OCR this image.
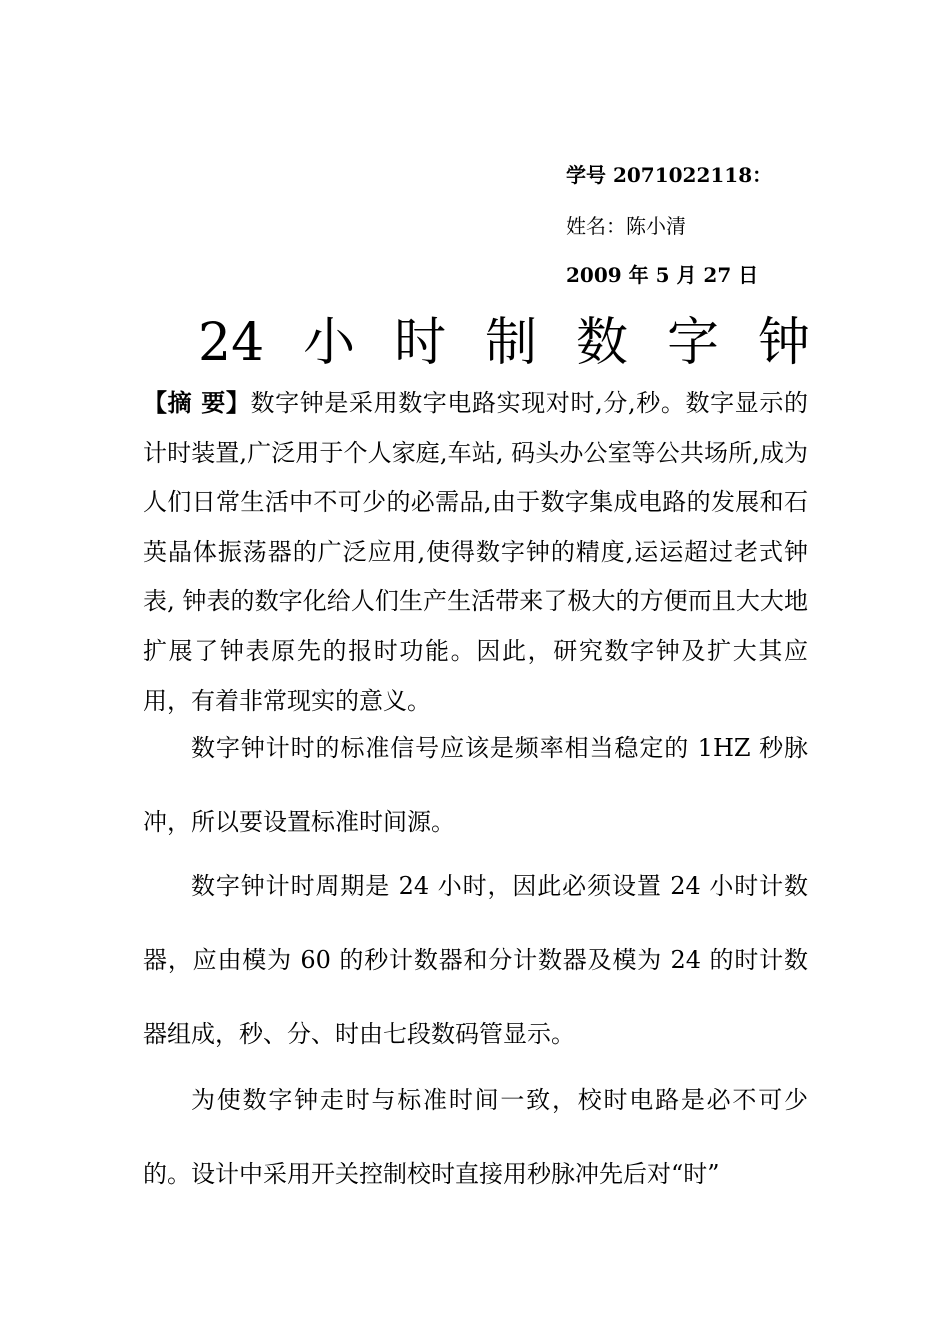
学号 2071022118：
姓名：陈小清
2009 年 5 月 27 日
24 小 时 制 数 字 钟
【摘 要】数字钟是采用数字电路实现对时,分,秒。数字显示的计时装置,广泛用于个人家庭,车站, 码头办公室等公共场所,成为人们日常生活中不可少的必需品,由于数字集成电路的发展和石英晶体振荡器的广泛应用,使得数字钟的精度,运运超过老式钟表, 钟表的数字化给人们生产生活带来了极大的方便而且大大地扩展了钟表原先的报时功能。因此，研究数字钟及扩大其应用，有着非常现实的意义。
数字钟计时的标准信号应该是频率相当稳定的 1HZ 秒脉冲，所以要设置标准时间源。
数字钟计时周期是 24 小时，因此必须设置 24 小时计数器，应由模为 60 的秒计数器和分计数器及模为 24 的时计数器组成，秒、分、时由七段数码管显示。
为使数字钟走时与标准时间一致，校时电路是必不可少的。设计中采用开关控制校时直接用秒脉冲先后对“时”
